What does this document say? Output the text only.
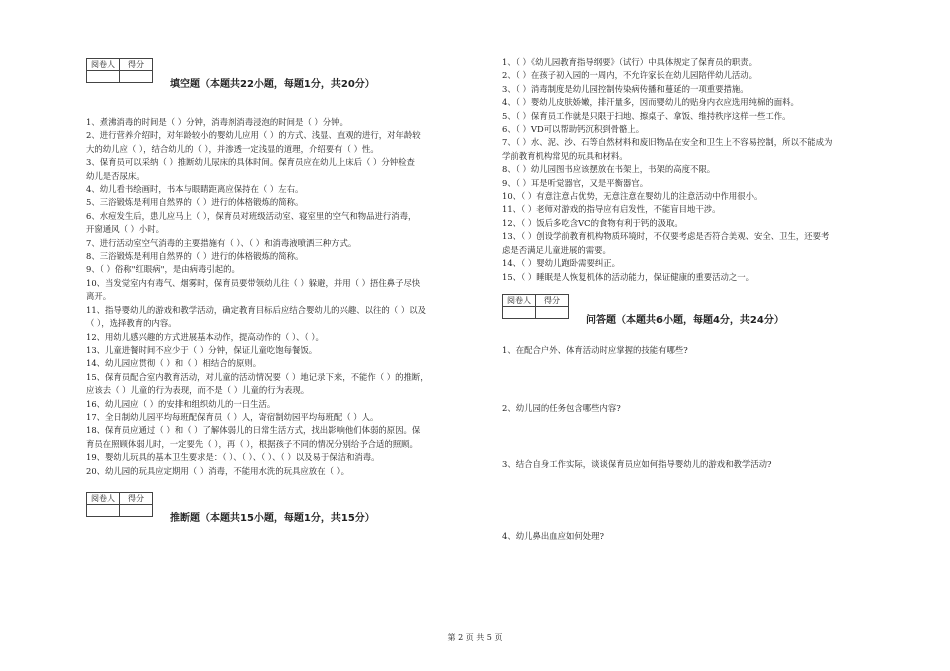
阅卷人	得分

填空题（本题共22小题，每题1分，共20分）
1、煮沸消毒的时间是（ ）分钟，消毒剂消毒浸泡的时间是（ ）分钟。
2、进行营养介绍时，对年龄较小的婴幼儿应用（ ）的方式、浅显、直观的进行，对年龄较
大的幼儿应（ ），结合幼儿的（ ），并渗透一定浅显的道理，介绍要有（ ）性。
3、保育员可以采纳（ ）推断幼儿尿床的具体时间。保育员应在幼儿上床后（ ）分钟检查
幼儿是否尿床。
4、幼儿看书绘画时，书本与眼睛距离应保持在（ ）左右。
5、三浴锻炼是利用自然界的（ ）进行的体格锻炼的简称。
6、水痘发生后，患儿应马上（ ），保育员对班级活动室、寝室里的空气和物品进行消毒，
开窗通风（ ）小时。
7、进行活动室空气消毒的主要措施有（ ）、（ ）和消毒液喷洒三种方式。
8、三浴锻炼是利用自然界的（ ）进行的体格锻炼的简称。
9、（ ）俗称"红眼病"，是由病毒引起的。
10、当发觉室内有毒气、烟雾时，保育员要带领幼儿往（ ）躲避，并用（ ）捂住鼻子尽快
离开。
11、指导婴幼儿的游戏和教学活动，确定教育目标后应结合婴幼儿的兴趣、以往的（ ）以及
（ ），选择教育的内容。
12、用幼儿感兴趣的方式进展基本动作，提高动作的（ ）、（ ）。
13、儿童进餐时间不应少于（ ）分钟，保证儿童吃饱每餐饭。
14、幼儿园应贯彻（ ）和（ ）相结合的原则。
15、保育员配合室内教育活动，对儿童的活动情况要（ ）地记录下来，不能作（ ）的推断，
应该去（ ）儿童的行为表现，而不是（ ）儿童的行为表现。
16、幼儿园应（ ）的安排和组织幼儿的一日生活。
17、全日制幼儿园平均每班配保育员（ ）人，寄宿制幼园平均每班配（ ）人。
18、保育员应通过（ ）和（ ）了解体弱儿的日常生活方式，找出影响他们体弱的原因。保
育员在照顾体弱儿时，一定要先（ ），再（ ），根据孩子不同的情况分别给予合适的照顾。
19、婴幼儿玩具的基本卫生要求是：（ ）、（ ）、（ ）、（ ）以及易于保洁和消毒。
20、幼儿园的玩具应定期用（ ）消毒，不能用水洗的玩具应放在（ ）。
阅卷人	得分

推断题（本题共15小题，每题1分，共15分）
1、（ ）《幼儿园教育指导纲要》（试行）中具体规定了保育员的职责。
2、（ ）在孩子初入园的一周内，不允许家长在幼儿园陪伴幼儿活动。
3、（ ）消毒制度是幼儿园控制传染病传播和蔓延的一项重要措施。
4、（ ）婴幼儿皮肤娇嫩，排汗量多，因而婴幼儿的贴身内衣应选用纯棉的面料。
5、（ ）保育员工作就是只限于扫地、擦桌子、拿饭、维持秩序这样一些工作。
6、（ ）VD可以帮助钙沉积到骨骼上。
7、（ ）水、泥、沙、石等自然材料和废旧物品在安全和卫生上不容易控制，所以不能成为
学前教育机构常见的玩具和材料。
8、（ ）幼儿园图书应该摆放在书架上，书架的高度不限。
9、（ ）耳是听觉器官，又是平衡器官。
10、（ ）有意注意占优势，无意注意在婴幼儿的注意活动中作用很小。
11、（ ）老师对游戏的指导应有启发性，不能盲目地干涉。
12、（ ）饭后多吃含VC的食物有利于钙的汲取。
13、（ ）创设学前教育机构物质环境时，不仅要考虑是否符合美观、安全、卫生，还要考
虑是否满足儿童进展的需要。
14、（ ）婴幼儿跑卧需要纠正。
15、（ ）睡眠是人恢复机体的活动能力，保证健康的重要活动之一。
阅卷人	得分

问答题（本题共6小题，每题4分，共24分）
1、在配合户外、体育活动时应掌握的技能有哪些?
2、幼儿园的任务包含哪些内容?
3、结合自身工作实际，谈谈保育员应如何指导婴幼儿的游戏和教学活动?
4、幼儿鼻出血应如何处理?
第 2 页 共 5 页
